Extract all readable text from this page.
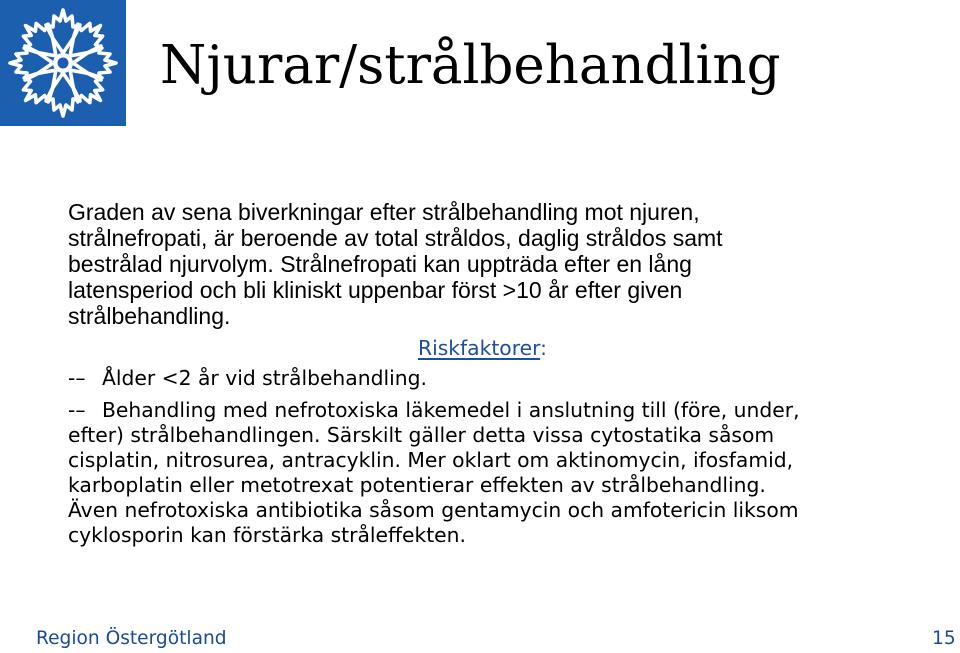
Njurar/strålbehandling

Graden av sena biverkningar efter strålbehandling mot njuren,

strålnefropati, är beroende av total stråldos, daglig stråldos samt

bestrålad njurvolym. Strålnefropati kan uppträda efter en lång

latensperiod och bli kliniskt uppenbar först >10 år efter given

strålbehandling.

Riskfaktorer:

-– Ålder <2 år vid strålbehandling.

-– Behandling med nefrotoxiska läkemedel i anslutning till (före, under,

efter) strålbehandlingen. Särskilt gäller detta vissa cytostatika såsom

cisplatin, nitrosurea, antracyklin. Mer oklart om aktinomycin, ifosfamid,

karboplatin eller metotrexat potentierar effekten av strålbehandling.

Även nefrotoxiska antibiotika såsom gentamycin och amfotericin liksom

cyklosporin kan förstärka stråleffekten.

Region Östergötland	15
